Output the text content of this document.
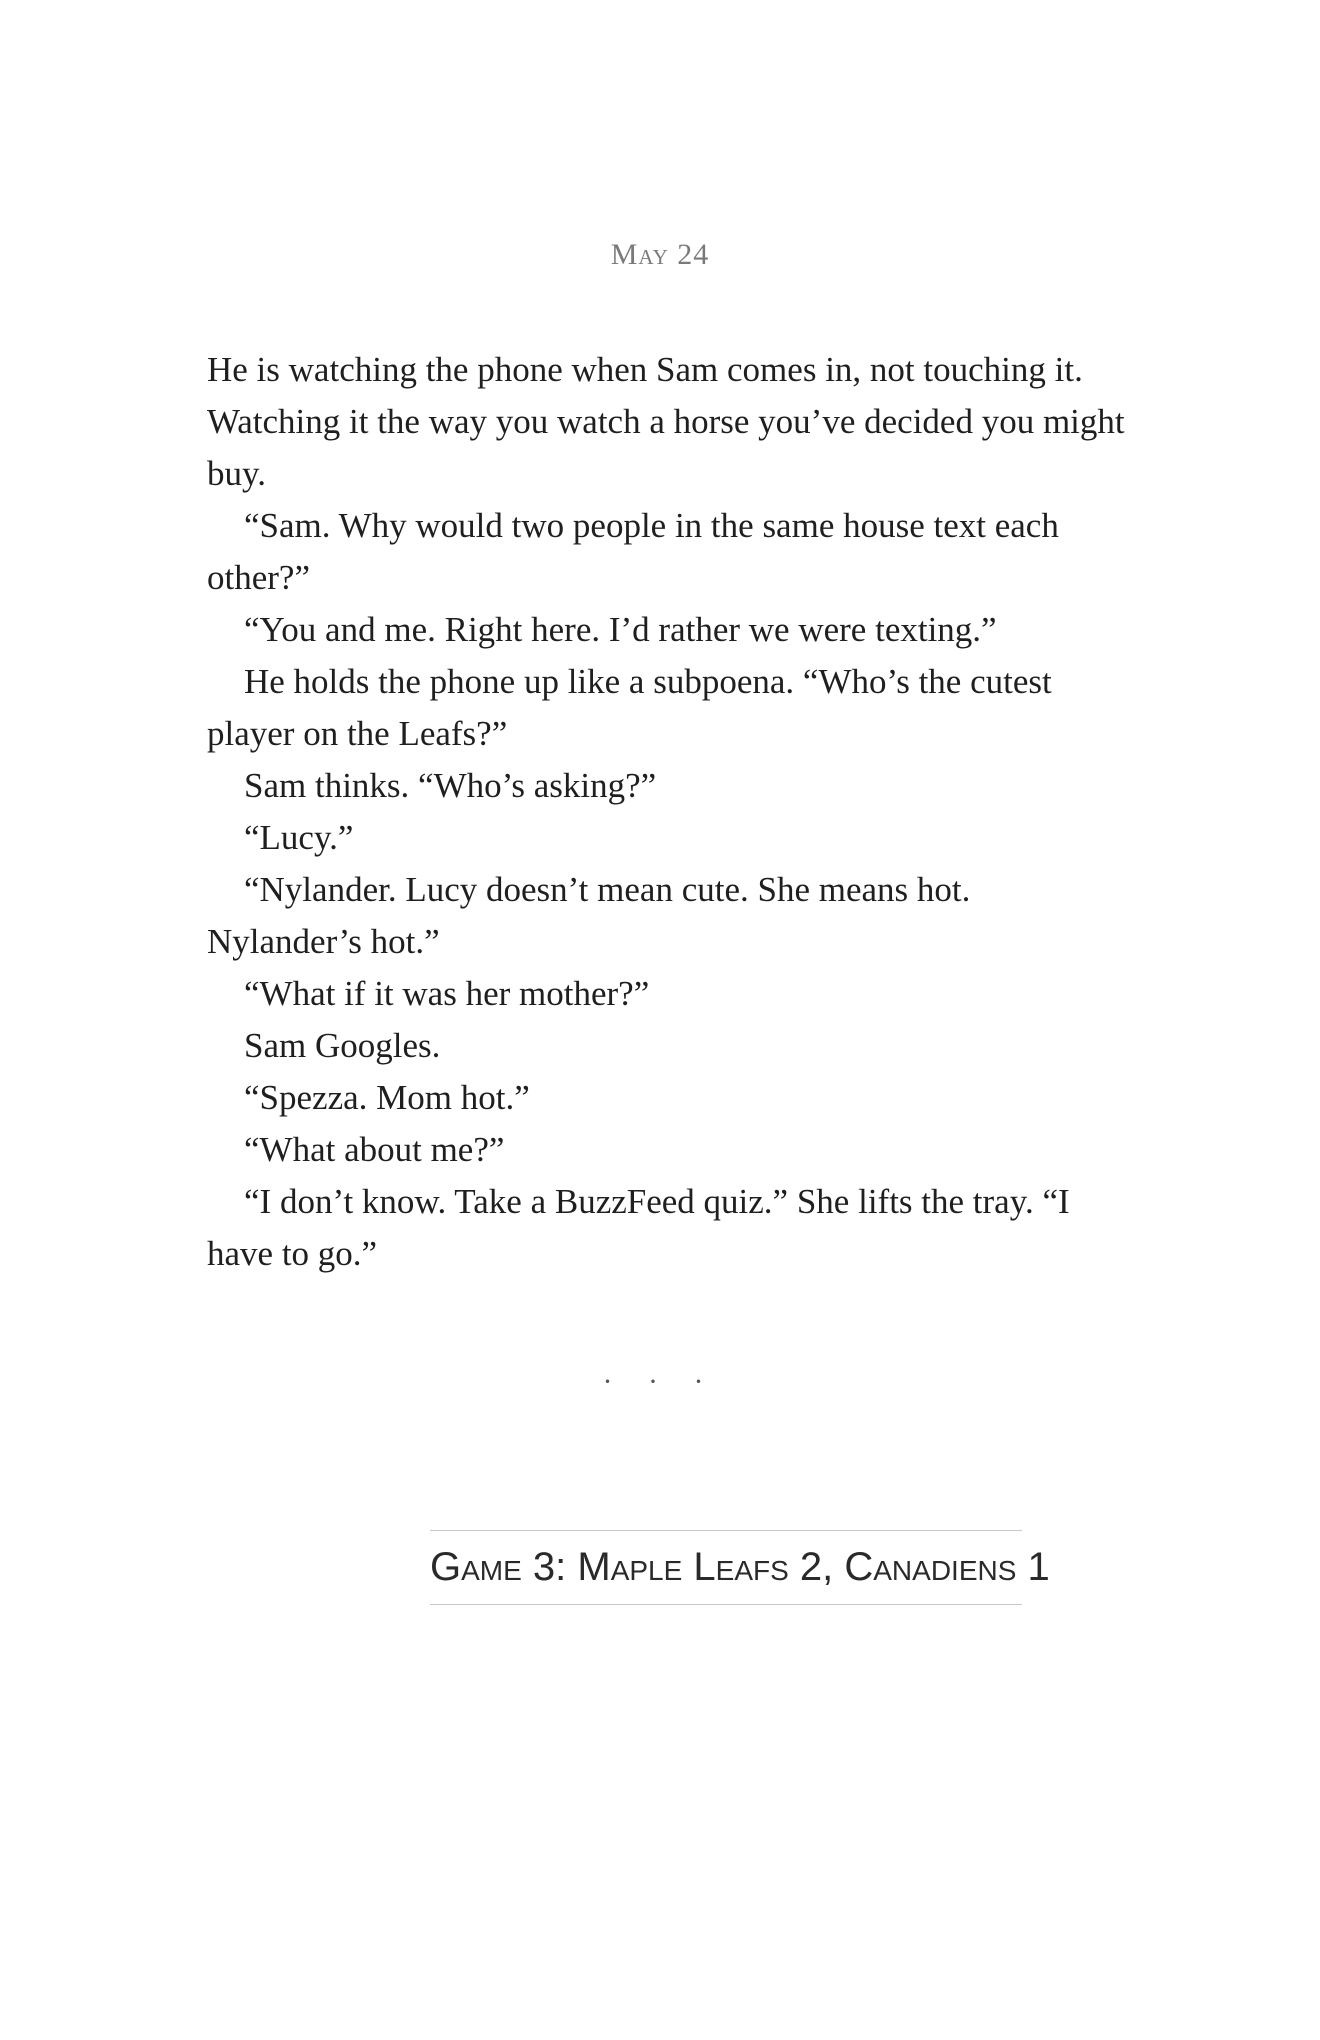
May 24

He is watching the phone when Sam comes in, not touching it. Watching it the way you watch a horse you’ve decided you might buy.

“Sam. Why would two people in the same house text each other?”

“You and me. Right here. I’d rather we were texting.”

He holds the phone up like a subpoena. “Who’s the cutest player on the Leafs?”

Sam thinks. “Who’s asking?”

“Lucy.”

“Nylander. Lucy doesn’t mean cute. She means hot. Nylander’s hot.”

“What if it was her mother?”

Sam Googles.

“Spezza. Mom hot.”

“What about me?”

“I don’t know. Take a BuzzFeed quiz.” She lifts the tray. “I have to go.”

· · ·
Game 3: Maple Leafs 2, Canadiens 1
